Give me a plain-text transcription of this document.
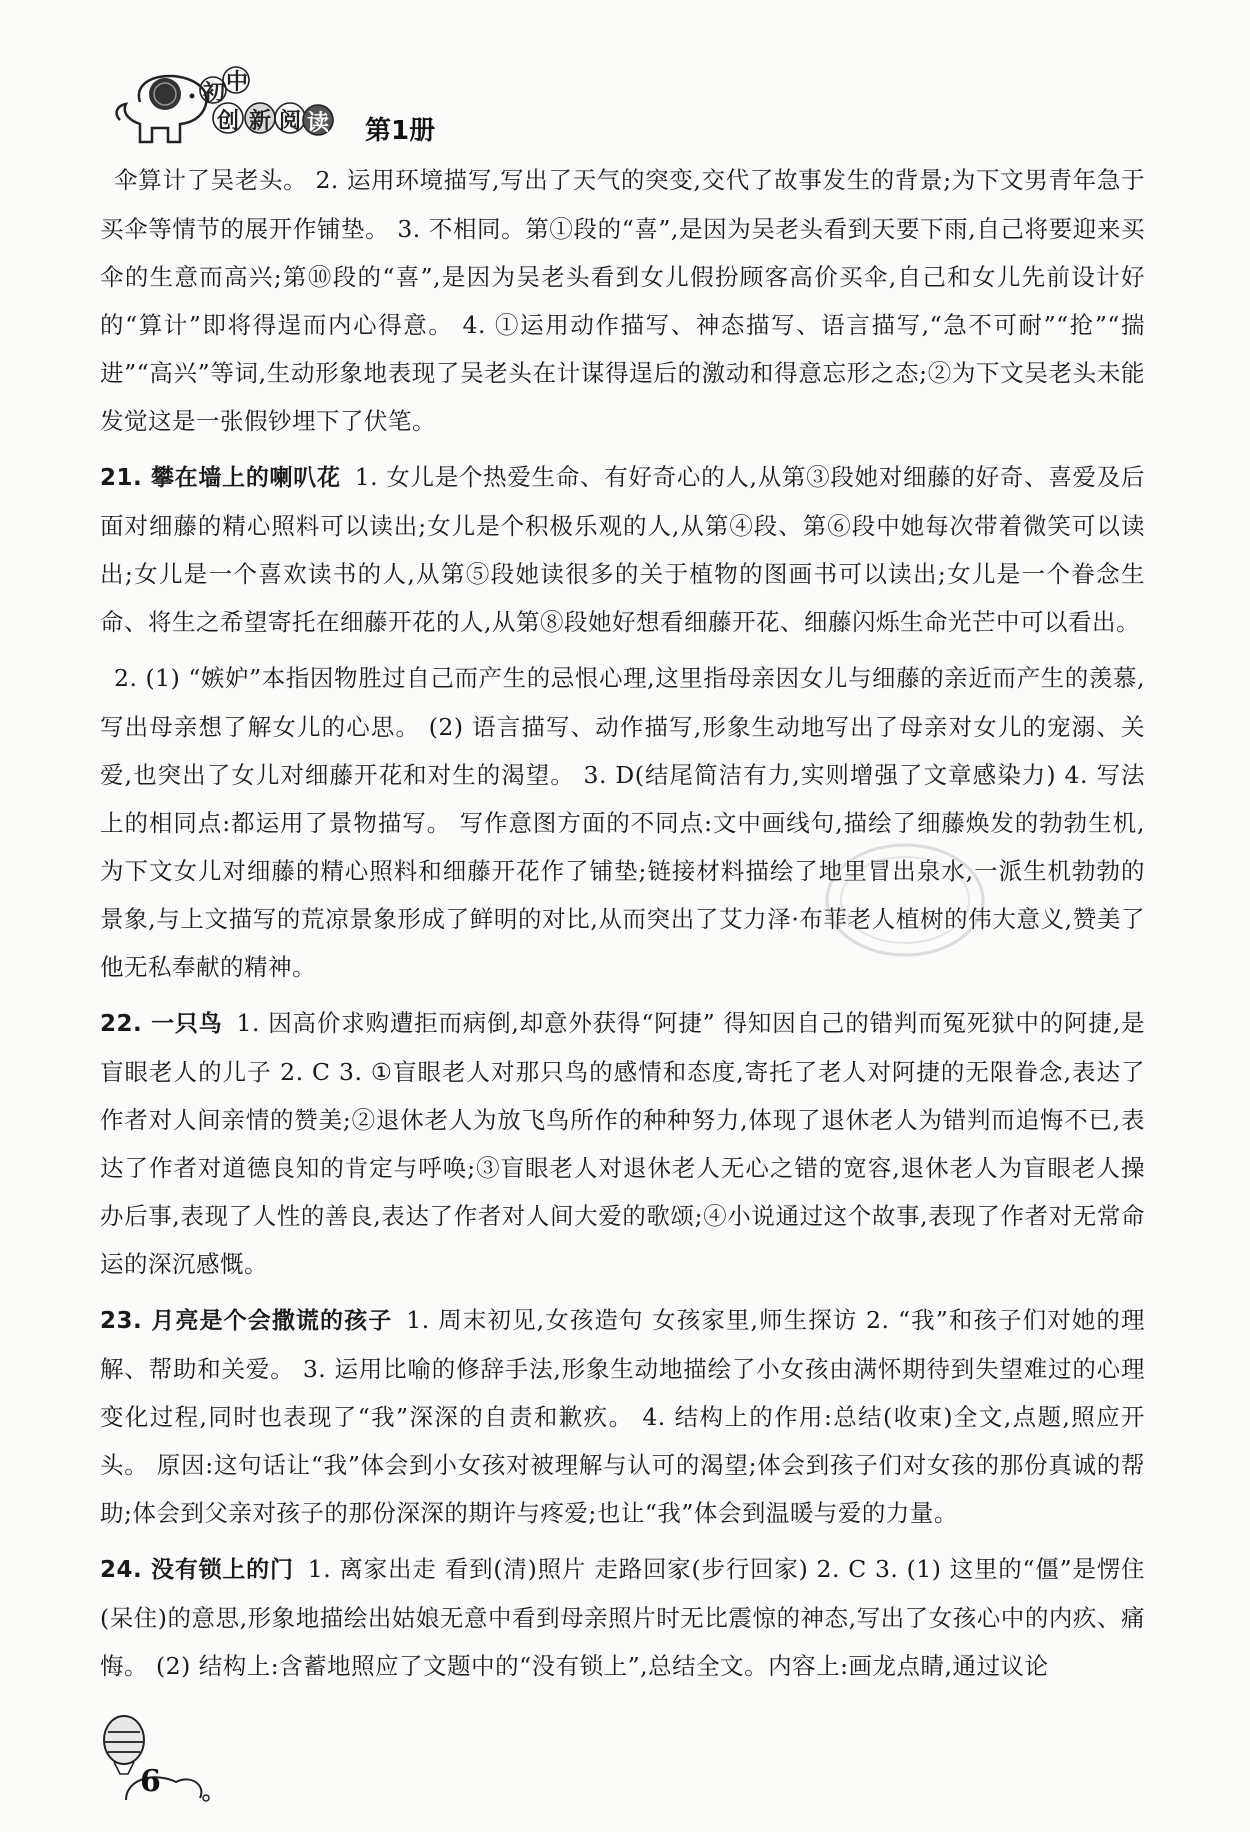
初 中
创 新 阅 读 第1册

伞算计了吴老头。 2. 运用环境描写,写出了天气的突变,交代了故事发生的背景;为下文男青年急于买伞等情节的展开作铺垫。 3. 不相同。第①段的“喜”,是因为吴老头看到天要下雨,自己将要迎来买伞的生意而高兴;第⑩段的“喜”,是因为吴老头看到女儿假扮顾客高价买伞,自己和女儿先前设计好的“算计”即将得逞而内心得意。 4. ①运用动作描写、神态描写、语言描写,“急不可耐”“抢”“揣进”“高兴”等词,生动形象地表现了吴老头在计谋得逞后的激动和得意忘形之态;②为下文吴老头未能发觉这是一张假钞埋下了伏笔。

21. 攀在墙上的喇叭花 1. 女儿是个热爱生命、有好奇心的人,从第③段她对细藤的好奇、喜爱及后面对细藤的精心照料可以读出;女儿是个积极乐观的人,从第④段、第⑥段中她每次带着微笑可以读出;女儿是一个喜欢读书的人,从第⑤段她读很多的关于植物的图画书可以读出;女儿是一个眷念生命、将生之希望寄托在细藤开花的人,从第⑧段她好想看细藤开花、细藤闪烁生命光芒中可以看出。

2. (1) “嫉妒”本指因物胜过自己而产生的忌恨心理,这里指母亲因女儿与细藤的亲近而产生的羡慕,写出母亲想了解女儿的心思。 (2) 语言描写、动作描写,形象生动地写出了母亲对女儿的宠溺、关爱,也突出了女儿对细藤开花和对生的渴望。 3. D(结尾简洁有力,实则增强了文章感染力) 4. 写法上的相同点:都运用了景物描写。 写作意图方面的不同点:文中画线句,描绘了细藤焕发的勃勃生机,为下文女儿对细藤的精心照料和细藤开花作了铺垫;链接材料描绘了地里冒出泉水,一派生机勃勃的景象,与上文描写的荒凉景象形成了鲜明的对比,从而突出了艾力泽·布菲老人植树的伟大意义,赞美了他无私奉献的精神。

22. 一只鸟 1. 因高价求购遭拒而病倒,却意外获得“阿捷” 得知因自己的错判而冤死狱中的阿捷,是盲眼老人的儿子 2. C 3. ①盲眼老人对那只鸟的感情和态度,寄托了老人对阿捷的无限眷念,表达了作者对人间亲情的赞美;②退休老人为放飞鸟所作的种种努力,体现了退休老人为错判而追悔不已,表达了作者对道德良知的肯定与呼唤;③盲眼老人对退休老人无心之错的宽容,退休老人为盲眼老人操办后事,表现了人性的善良,表达了作者对人间大爱的歌颂;④小说通过这个故事,表现了作者对无常命运的深沉感慨。

23. 月亮是个会撒谎的孩子 1. 周末初见,女孩造句 女孩家里,师生探访 2. “我”和孩子们对她的理解、帮助和关爱。 3. 运用比喻的修辞手法,形象生动地描绘了小女孩由满怀期待到失望难过的心理变化过程,同时也表现了“我”深深的自责和歉疚。 4. 结构上的作用:总结(收束)全文,点题,照应开头。 原因:这句话让“我”体会到小女孩对被理解与认可的渴望;体会到孩子们对女孩的那份真诚的帮助;体会到父亲对孩子的那份深深的期许与疼爱;也让“我”体会到温暖与爱的力量。

24. 没有锁上的门 1. 离家出走 看到(清)照片 走路回家(步行回家) 2. C 3. (1) 这里的“僵”是愣住(呆住)的意思,形象地描绘出姑娘无意中看到母亲照片时无比震惊的神态,写出了女孩心中的内疚、痛悔。 (2) 结构上:含蓄地照应了文题中的“没有锁上”,总结全文。内容上:画龙点睛,通过议论

6
